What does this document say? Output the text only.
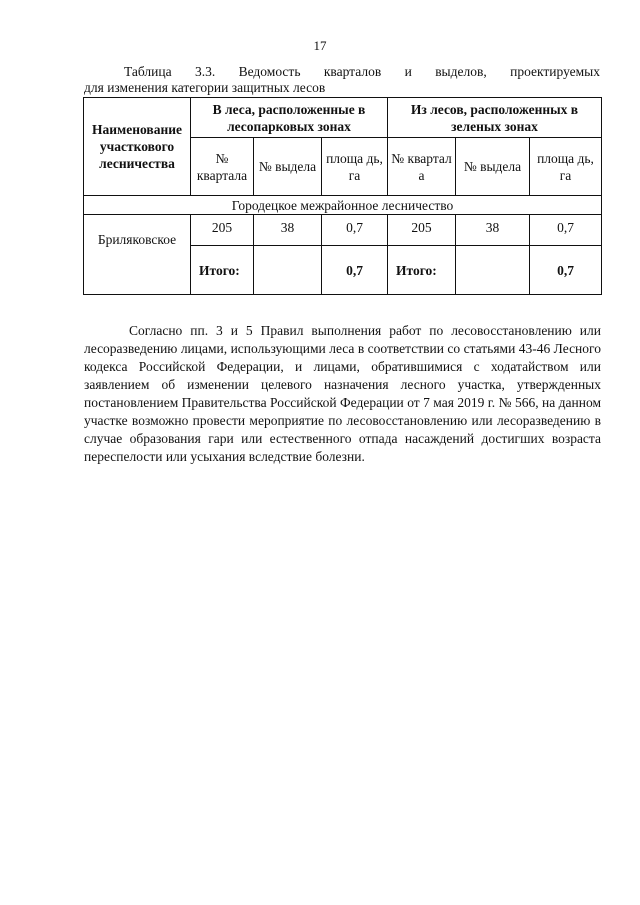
17
Таблица 3.3. Ведомость кварталов и выделов, проектируемых
для изменения категории защитных лесов
Наименование участкового лесничества	В леса, расположенные в лесопарковых зонах			Из лесов, расположенных в зеленых зонах		
	№ квартала	№ выдела	площа дь, га	№ квартал а	№ выдела	площа дь, га
Городецкое межрайонное лесничество						
Бриляковское	205	38	0,7	205	38	0,7
	Итого:		0,7	Итого:		0,7

Согласно пп. 3 и 5 Правил выполнения работ по лесовосстановлению или лесоразведению лицами, использующими леса в соответствии со статьями 43-46 Лесного кодекса Российской Федерации, и лицами, обратившимися с ходатайством или заявлением об изменении целевого назначения лесного участка, утвержденных постановлением Правительства Российской Федерации от 7 мая 2019 г. № 566, на данном участке возможно провести мероприятие по лесовосстановлению или лесоразведению в случае образования гари или естественного отпада насаждений достигших возраста переспелости или усыхания вследствие болезни.
